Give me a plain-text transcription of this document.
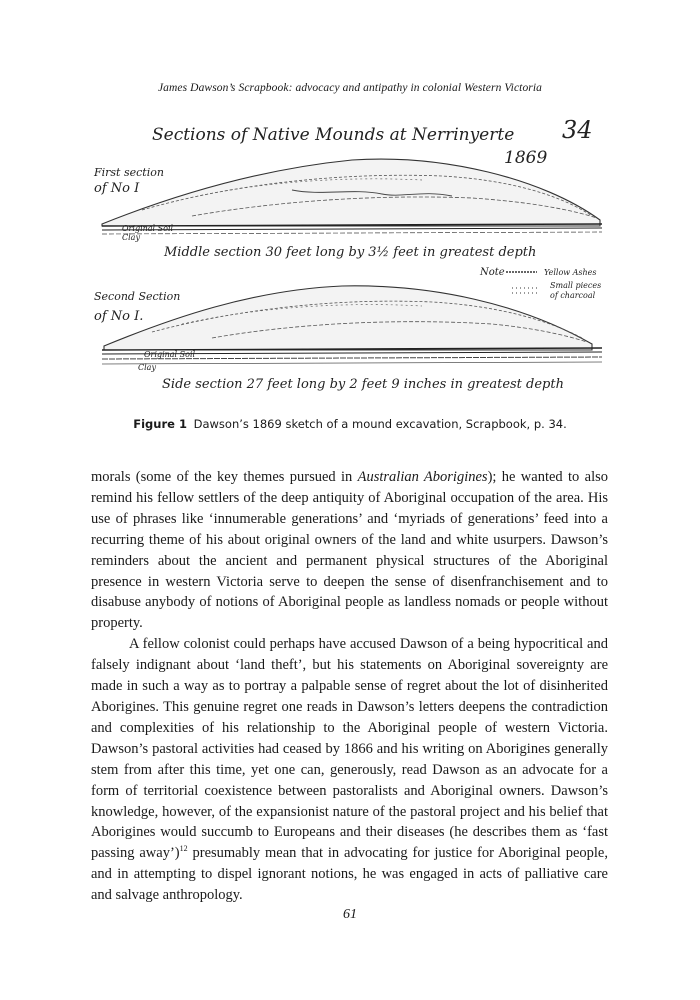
James Dawson’s Scrapbook: advocacy and antipathy in colonial Western Victoria
Sections of Native Mounds at Nerrinyerte 34
1869
First section
of No I
Original Soil
Clay
Middle section 30 feet long by 3½ feet in greatest depth
Note	Yellow Ashes
Small pieces
of charcoal
Second Section
of No I.
Original Soil
Clay
Side section 27 feet long by 2 feet 9 inches in greatest depth
Figure 1 Dawson’s 1869 sketch of a mound excavation, Scrapbook, p. 34.

morals (some of the key themes pursued in Australian Aborigines); he wanted to also remind his fellow settlers of the deep antiquity of Aboriginal occupation of the area. His use of phrases like ‘innumerable generations’ and ‘myriads of generations’ feed into a recurring theme of his about original owners of the land and white usurpers. Dawson’s reminders about the ancient and permanent physical structures of the Aboriginal presence in western Victoria serve to deepen the sense of disenfranchisement and to disabuse anybody of notions of Aboriginal people as landless nomads or people without property.

A fellow colonist could perhaps have accused Dawson of a being hypocritical and falsely indignant about ‘land theft’, but his statements on Aboriginal sovereignty are made in such a way as to portray a palpable sense of regret about the lot of disinherited Aborigines. This genuine regret one reads in Dawson’s letters deepens the contradiction and complexities of his relationship to the Aboriginal people of western Victoria. Dawson’s pastoral activities had ceased by 1866 and his writing on Aborigines generally stem from after this time, yet one can, generously, read Dawson as an advocate for a form of territorial coexistence between pastoralists and Aboriginal owners. Dawson’s knowledge, however, of the expansionist nature of the pastoral project and his belief that Aborigines would succumb to Europeans and their diseases (he describes them as ‘fast passing away’)$^{12}$ presumably mean that in advocating for justice for Aboriginal people, and in attempting to dispel ignorant notions, he was engaged in acts of palliative care and salvage anthropology.

61
